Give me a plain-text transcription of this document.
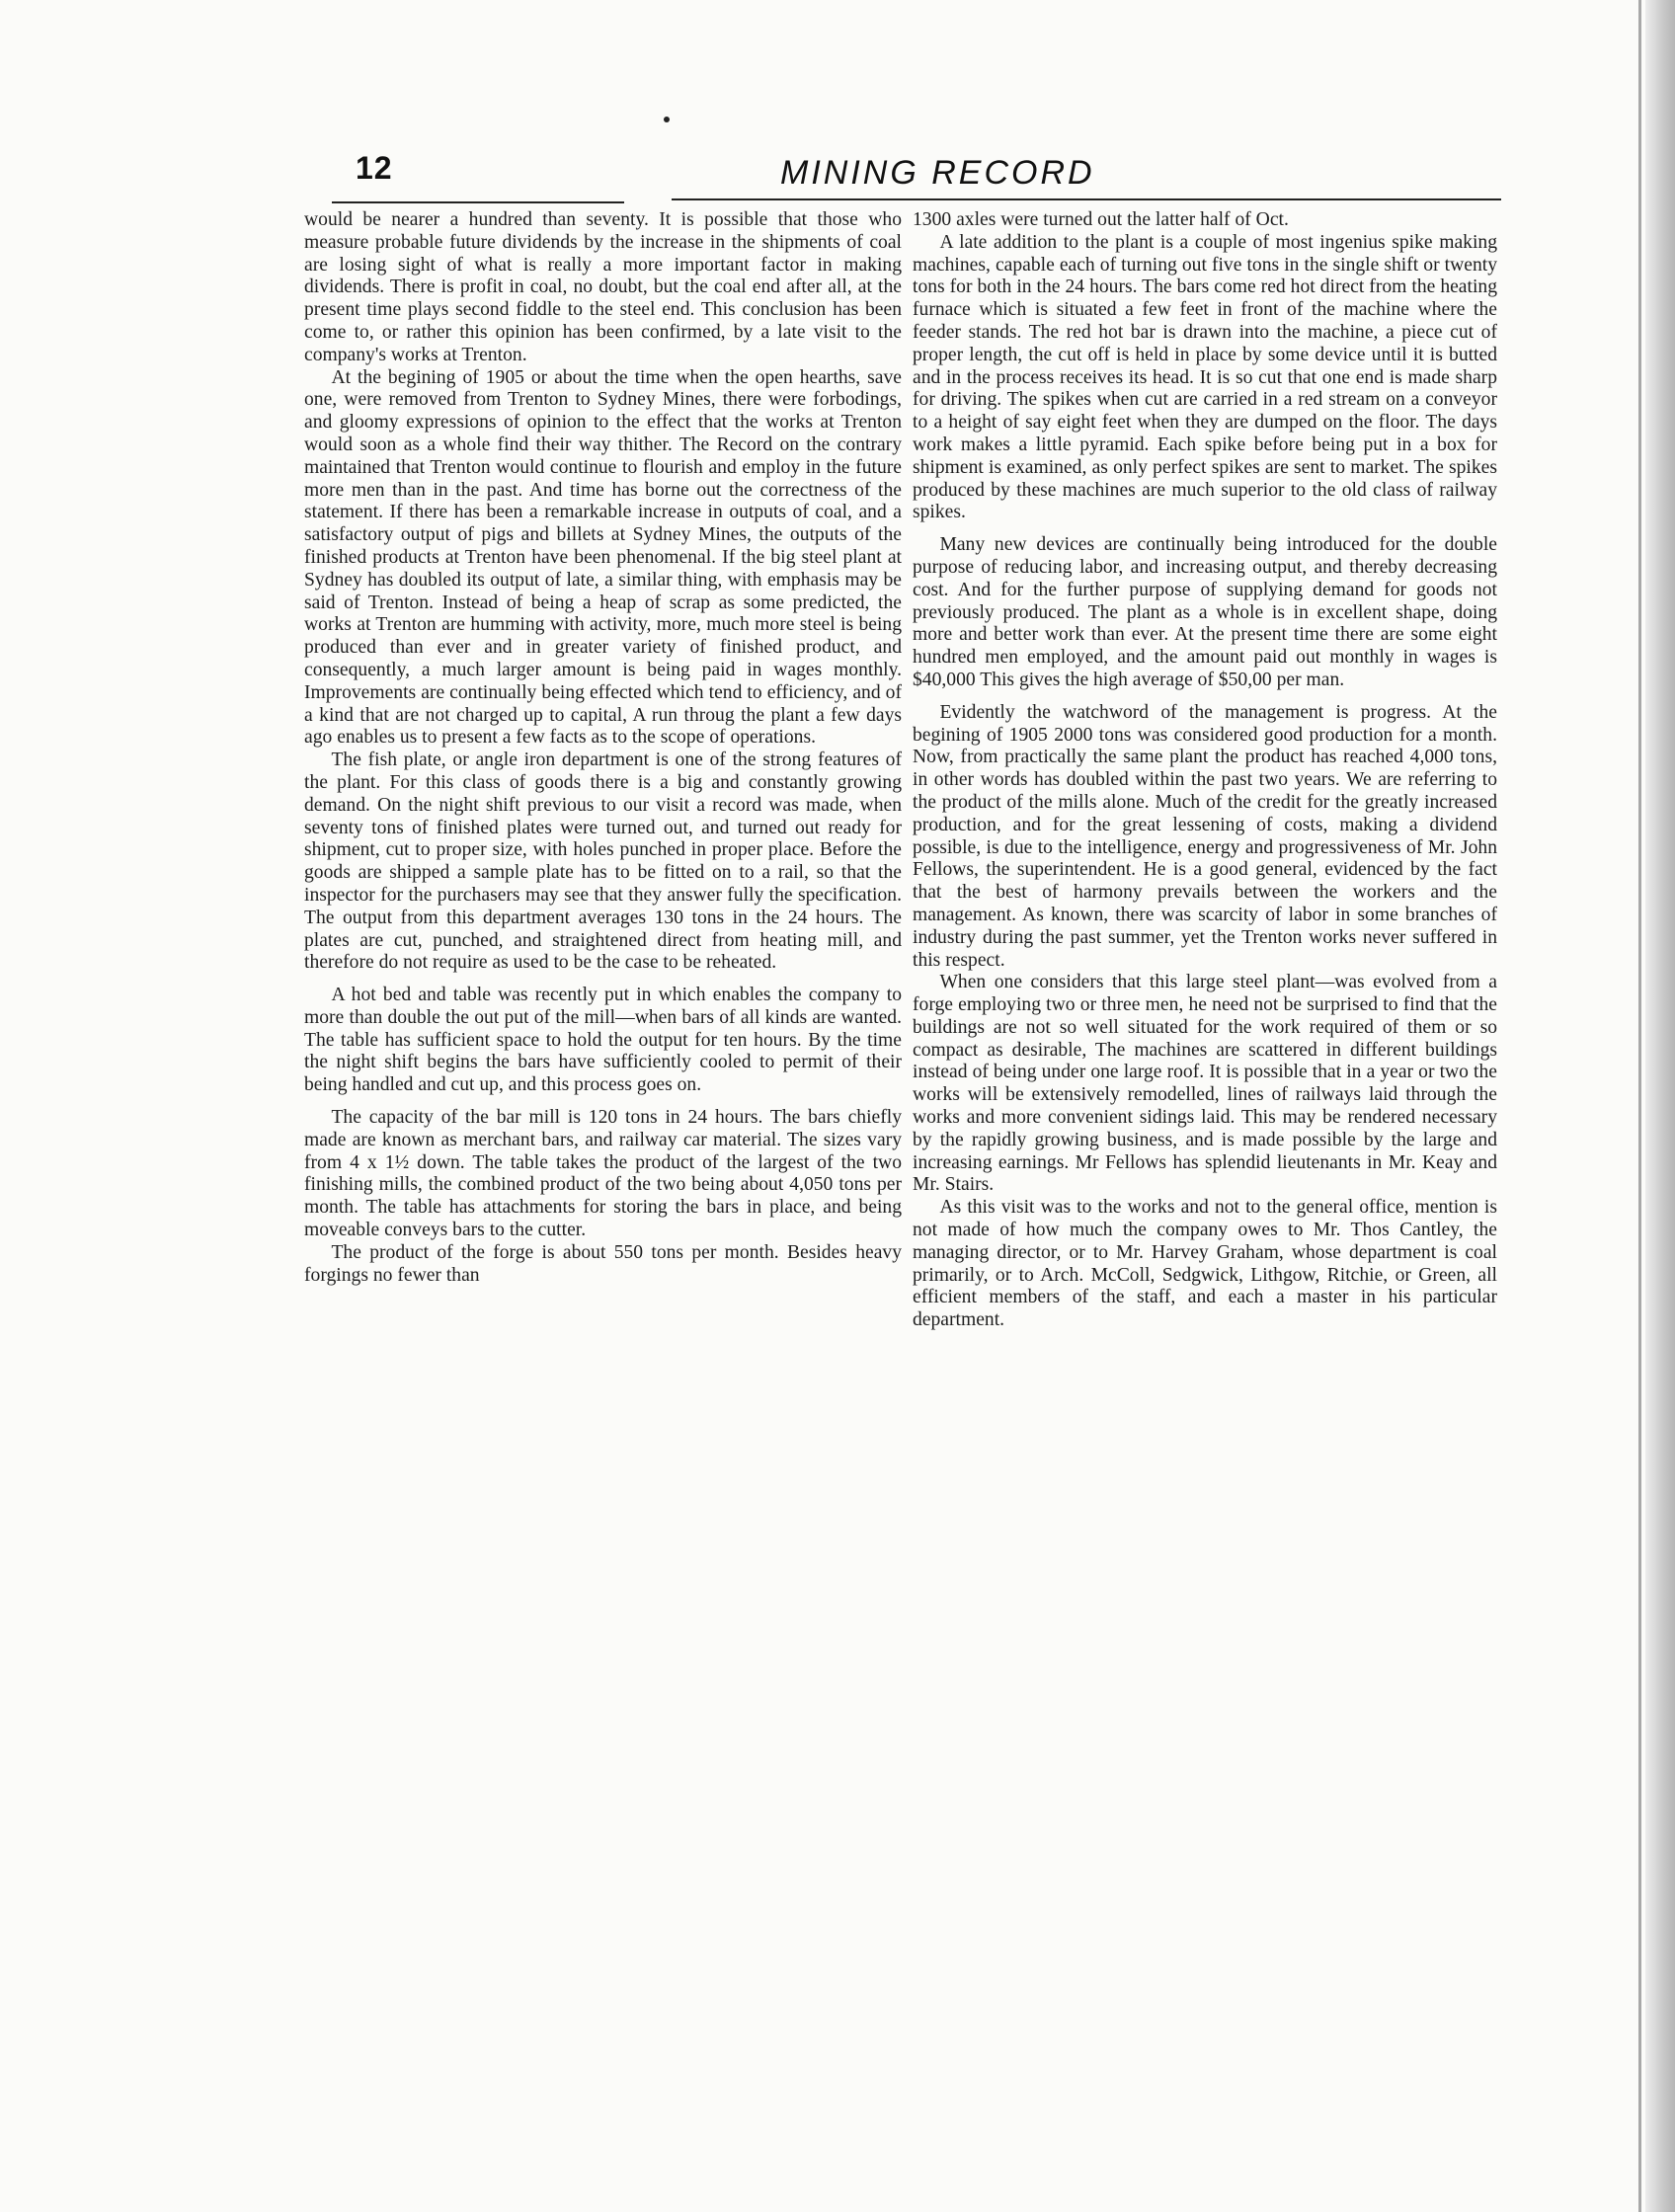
12	MINING RECORD

would be nearer a hundred than seventy. It is possible that those who measure probable future dividends by the increase in the shipments of coal are losing sight of what is really a more important factor in making dividends. There is profit in coal, no doubt, but the coal end after all, at the present time plays second fiddle to the steel end. This conclusion has been come to, or rather this opinion has been confirmed, by a late visit to the company's works at Trenton.

At the begining of 1905 or about the time when the open hearths, save one, were removed from Trenton to Sydney Mines, there were forbodings, and gloomy expressions of opinion to the effect that the works at Trenton would soon as a whole find their way thither. The Record on the contrary maintained that Trenton would continue to flourish and employ in the future more men than in the past. And time has borne out the correctness of the statement. If there has been a remarkable increase in outputs of coal, and a satisfactory output of pigs and billets at Sydney Mines, the outputs of the finished products at Trenton have been phenomenal. If the big steel plant at Sydney has doubled its output of late, a similar thing, with emphasis may be said of Trenton. Instead of being a heap of scrap as some predicted, the works at Trenton are humming with activity, more, much more steel is being produced than ever and in greater variety of finished product, and consequently, a much larger amount is being paid in wages monthly. Improvements are continually being effected which tend to efficiency, and of a kind that are not charged up to capital, A run throug the plant a few days ago enables us to present a few facts as to the scope of operations.

The fish plate, or angle iron department is one of the strong features of the plant. For this class of goods there is a big and constantly growing demand. On the night shift previous to our visit a record was made, when seventy tons of finished plates were turned out, and turned out ready for shipment, cut to proper size, with holes punched in proper place. Before the goods are shipped a sample plate has to be fitted on to a rail, so that the inspector for the purchasers may see that they answer fully the specification. The output from this department averages 130 tons in the 24 hours. The plates are cut, punched, and straightened direct from heating mill, and therefore do not require as used to be the case to be reheated.

A hot bed and table was recently put in which enables the company to more than double the out put of the mill—when bars of all kinds are wanted. The table has sufficient space to hold the output for ten hours. By the time the night shift begins the bars have sufficiently cooled to permit of their being handled and cut up, and this process goes on.

The capacity of the bar mill is 120 tons in 24 hours. The bars chiefly made are known as merchant bars, and railway car material. The sizes vary from 4 x 1½ down. The table takes the product of the largest of the two finishing mills, the combined product of the two being about 4,050 tons per month. The table has attachments for storing the bars in place, and being moveable conveys bars to the cutter.

The product of the forge is about 550 tons per month. Besides heavy forgings no fewer than

1300 axles were turned out the latter half of Oct.

A late addition to the plant is a couple of most ingenius spike making machines, capable each of turning out five tons in the single shift or twenty tons for both in the 24 hours. The bars come red hot direct from the heating furnace which is situated a few feet in front of the machine where the feeder stands. The red hot bar is drawn into the machine, a piece cut of proper length, the cut off is held in place by some device until it is butted and in the process receives its head. It is so cut that one end is made sharp for driving. The spikes when cut are carried in a red stream on a conveyor to a height of say eight feet when they are dumped on the floor. The days work makes a little pyramid. Each spike before being put in a box for shipment is examined, as only perfect spikes are sent to market. The spikes produced by these machines are much superior to the old class of railway spikes.

Many new devices are continually being introduced for the double purpose of reducing labor, and increasing output, and thereby decreasing cost. And for the further purpose of supplying demand for goods not previously produced. The plant as a whole is in excellent shape, doing more and better work than ever. At the present time there are some eight hundred men employed, and the amount paid out monthly in wages is $40,000 This gives the high average of $50,00 per man.

Evidently the watchword of the management is progress. At the begining of 1905 2000 tons was considered good production for a month. Now, from practically the same plant the product has reached 4,000 tons, in other words has doubled within the past two years. We are referring to the product of the mills alone. Much of the credit for the greatly increased production, and for the great lessening of costs, making a dividend possible, is due to the intelligence, energy and progressiveness of Mr. John Fellows, the superintendent. He is a good general, evidenced by the fact that the best of harmony prevails between the workers and the management. As known, there was scarcity of labor in some branches of industry during the past summer, yet the Trenton works never suffered in this respect.

When one considers that this large steel plant—was evolved from a forge employing two or three men, he need not be surprised to find that the buildings are not so well situated for the work required of them or so compact as desirable, The machines are scattered in different buildings instead of being under one large roof. It is possible that in a year or two the works will be extensively remodelled, lines of railways laid through the works and more convenient sidings laid. This may be rendered necessary by the rapidly growing business, and is made possible by the large and increasing earnings. Mr Fellows has splendid lieutenants in Mr. Keay and Mr. Stairs.

As this visit was to the works and not to the general office, mention is not made of how much the company owes to Mr. Thos Cantley, the managing director, or to Mr. Harvey Graham, whose department is coal primarily, or to Arch. McColl, Sedgwick, Lithgow, Ritchie, or Green, all efficient members of the staff, and each a master in his particular department.
